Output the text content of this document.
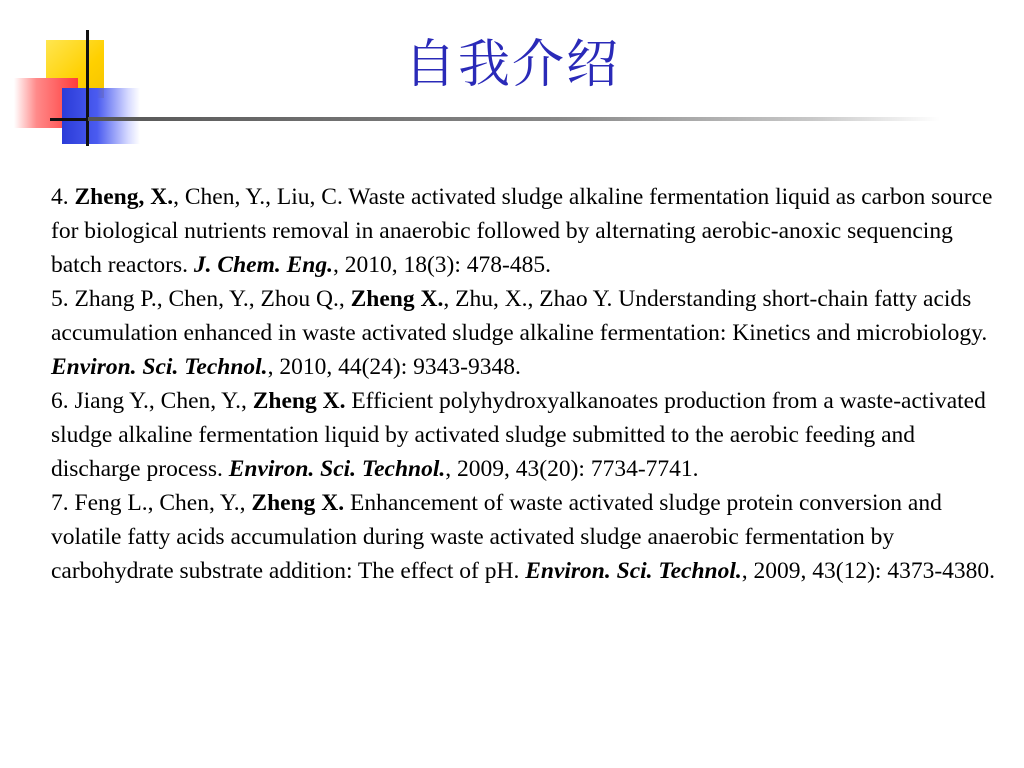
自我介绍

4. Zheng, X., Chen, Y., Liu, C. Waste activated sludge alkaline fermentation liquid as carbon source for biological nutrients removal in anaerobic followed by alternating aerobic-anoxic sequencing batch reactors. J. Chem. Eng., 2010, 18(3): 478-485.

5. Zhang P., Chen, Y., Zhou Q., Zheng X., Zhu, X., Zhao Y. Understanding short-chain fatty acids accumulation enhanced in waste activated sludge alkaline fermentation: Kinetics and microbiology. Environ. Sci. Technol., 2010, 44(24): 9343-9348.

6. Jiang Y., Chen, Y., Zheng X. Efficient polyhydroxyalkanoates production from a waste-activated sludge alkaline fermentation liquid by activated sludge submitted to the aerobic feeding and discharge process. Environ. Sci. Technol., 2009, 43(20): 7734-7741.

7. Feng L., Chen, Y., Zheng X. Enhancement of waste activated sludge protein conversion and volatile fatty acids accumulation during waste activated sludge anaerobic fermentation by carbohydrate substrate addition: The effect of pH. Environ. Sci. Technol., 2009, 43(12): 4373-4380.
